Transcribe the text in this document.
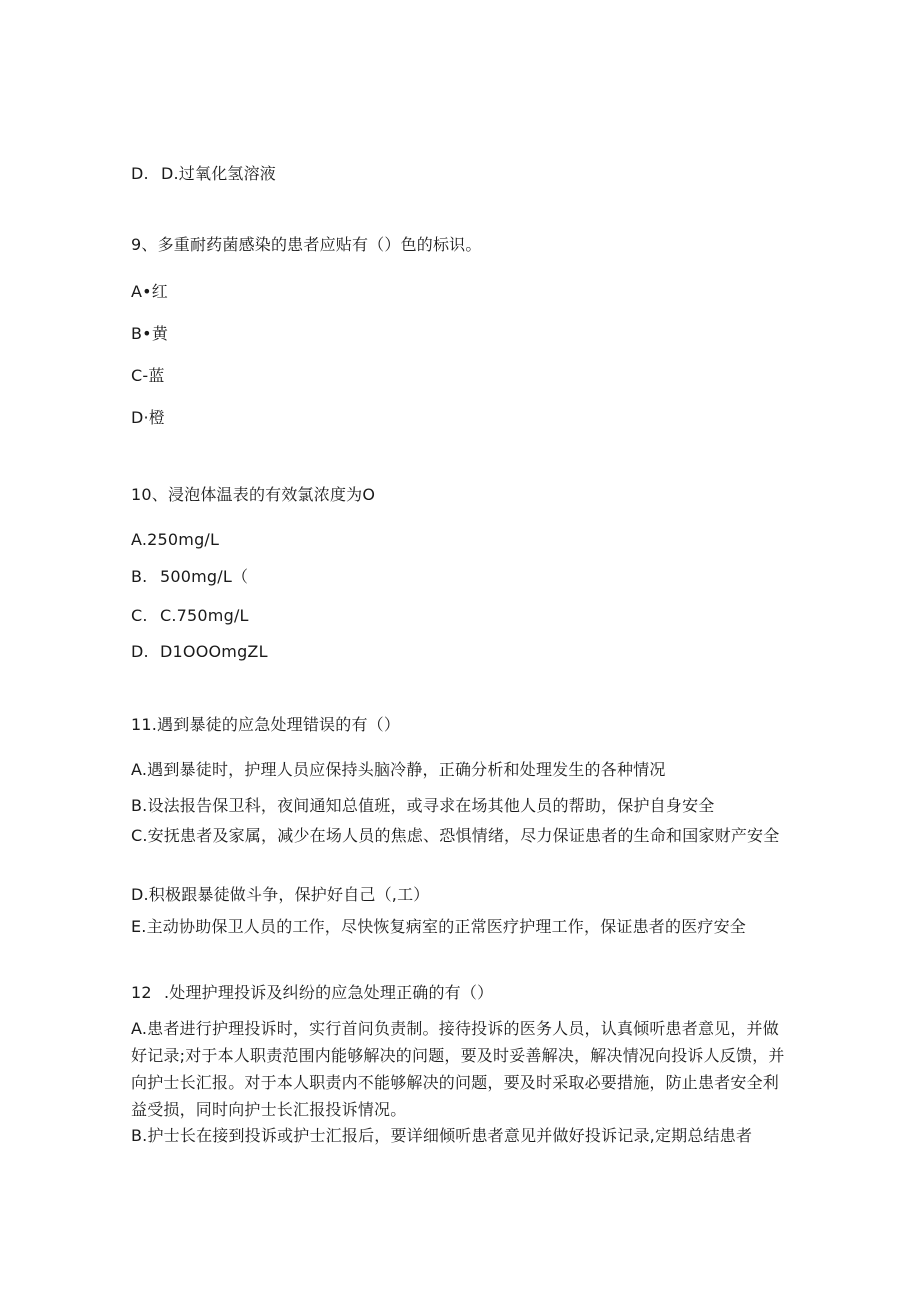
D. D.过氧化氢溶液
9、多重耐药菌感染的患者应贴有（）色的标识。
A•红
B•黄
C-蓝
D·橙
10、浸泡体温表的有效氯浓度为O
A.250mg∕L
B. 500mg∕L（
C. C.750mg∕L
D. D1OOOmgZL
11.遇到暴徒的应急处理错误的有（）
A.遇到暴徒时，护理人员应保持头脑冷静，正确分析和处理发生的各种情况
B.设法报告保卫科，夜间通知总值班，或寻求在场其他人员的帮助，保护自身安全
C.安抚患者及家属，减少在场人员的焦虑、恐惧情绪，尽力保证患者的生命和国家财产安全
D.积极跟暴徒做斗争，保护好自己（,工）
E.主动协助保卫人员的工作，尽快恢复病室的正常医疗护理工作，保证患者的医疗安全
12 .处理护理投诉及纠纷的应急处理正确的有（）
A.患者进行护理投诉时，实行首问负责制。接待投诉的医务人员，认真倾听患者意见，并做好记录;对于本人职责范围内能够解决的问题，要及时妥善解决，解决情况向投诉人反馈，并向护士长汇报。对于本人职责内不能够解决的问题，要及时采取必要措施，防止患者安全利益受损，同时向护士长汇报投诉情况。
B.护士长在接到投诉或护士汇报后，要详细倾听患者意见并做好投诉记录,定期总结患者
